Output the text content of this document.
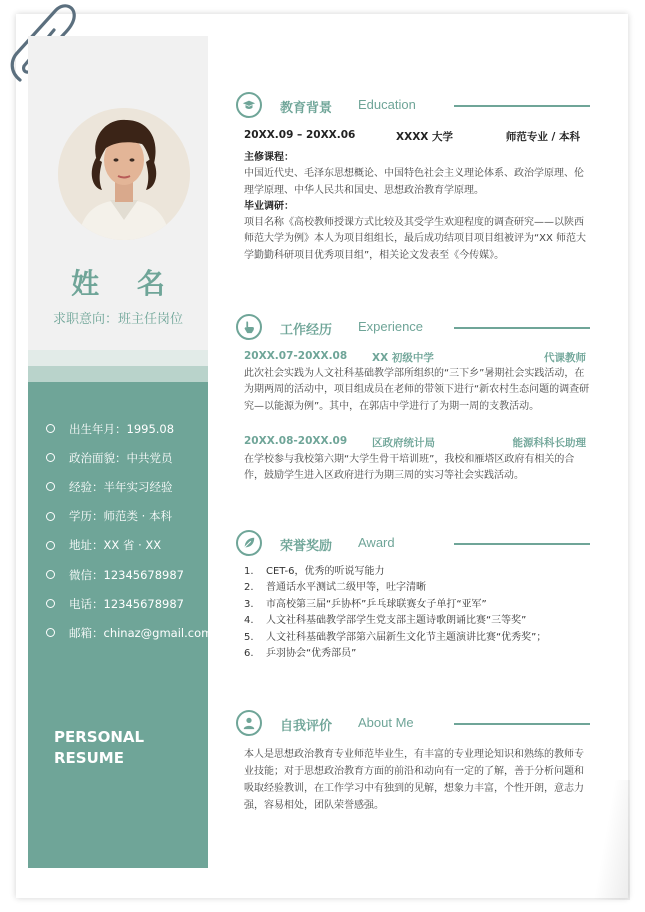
姓 名
求职意向：班主任岗位
出生年月：1995.08
政治面貌：中共党员
经验：半年实习经验
学历：师范类 · 本科
地址：XX 省 · XX
微信：12345678987
电话：12345678987
邮箱：chinaz@gmail.com
PERSONAL
RESUME
教育背景 Education
20XX.09 – 20XX.06	XXXX 大学	师范专业 / 本科
主修课程：
中国近代史、毛泽东思想概论、中国特色社会主义理论体系、政治学原理、伦理学原理、中华人民共和国史、思想政治教育学原理。
毕业调研：
项目名称《高校教师授课方式比较及其受学生欢迎程度的调查研究——以陕西师范大学为例》本人为项目组组长，最后成功结项目项目组被评为“XX 师范大学勤勤科研项目优秀项目组”，相关论文发表至《今传媒》。
工作经历 Experience
20XX.07-20XX.08 XX 初级中学	代课教师
此次社会实践为人文社科基础教学部所组织的“三下乡”暑期社会实践活动，在为期两周的活动中，项目组成员在老师的带领下进行“新农村生态问题的调查研究—以能源为例”。其中，在郭店中学进行了为期一周的支教活动。
20XX.08-20XX.09 区政府统计局	能源科科长助理
在学校参与我校第六期“大学生骨干培训班”，我校和雁塔区政府有相关的合作，鼓励学生进入区政府进行为期三周的实习等社会实践活动。
荣誉奖励 Award
1. CET-6，优秀的听说写能力
2. 普通话水平测试二级甲等，吐字清晰
3. 市高校第三届“乒协杯”乒乓球联赛女子单打“亚军”
4. 人文社科基础教学部学生党支部主题诗歌朗诵比赛“三等奖”
5. 人文社科基础教学部第六届新生文化节主题演讲比赛“优秀奖”；
6. 乒羽协会“优秀部员”
自我评价 About Me
本人是思想政治教育专业师范毕业生，有丰富的专业理论知识和熟练的教师专业技能；对于思想政治教育方面的前沿和动向有一定的了解，善于分析问题和吸取经验教训，在工作学习中有独到的见解，想象力丰富，个性开朗，意志力强，容易相处，团队荣誉感强。
